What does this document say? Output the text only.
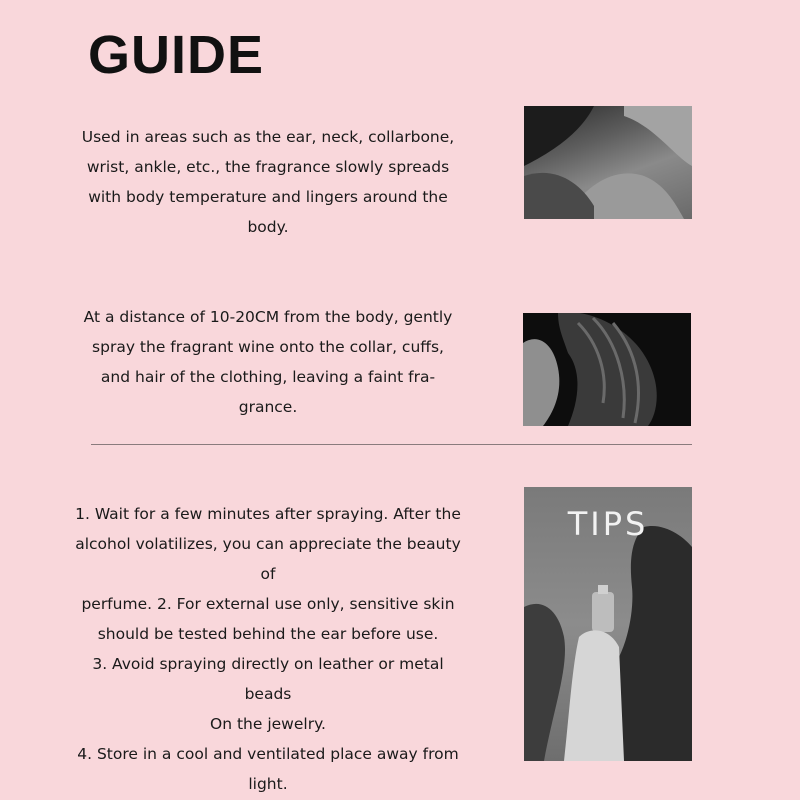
GUIDE
Used in areas such as the ear, neck, collarbone,
wrist, ankle, etc., the fragrance slowly spreads
with body temperature and lingers around the
body.
At a distance of 10-20CM from the body, gently
spray the fragrant wine onto the collar, cuffs,
and hair of the clothing, leaving a faint fra-
grance.
1. Wait for a few minutes after spraying. After the
alcohol volatilizes, you can appreciate the beauty of
perfume. 2. For external use only, sensitive skin
should be tested behind the ear before use.
3. Avoid spraying directly on leather or metal beads
On the jewelry.
4. Store in a cool and ventilated place away from
light.
TIPS
